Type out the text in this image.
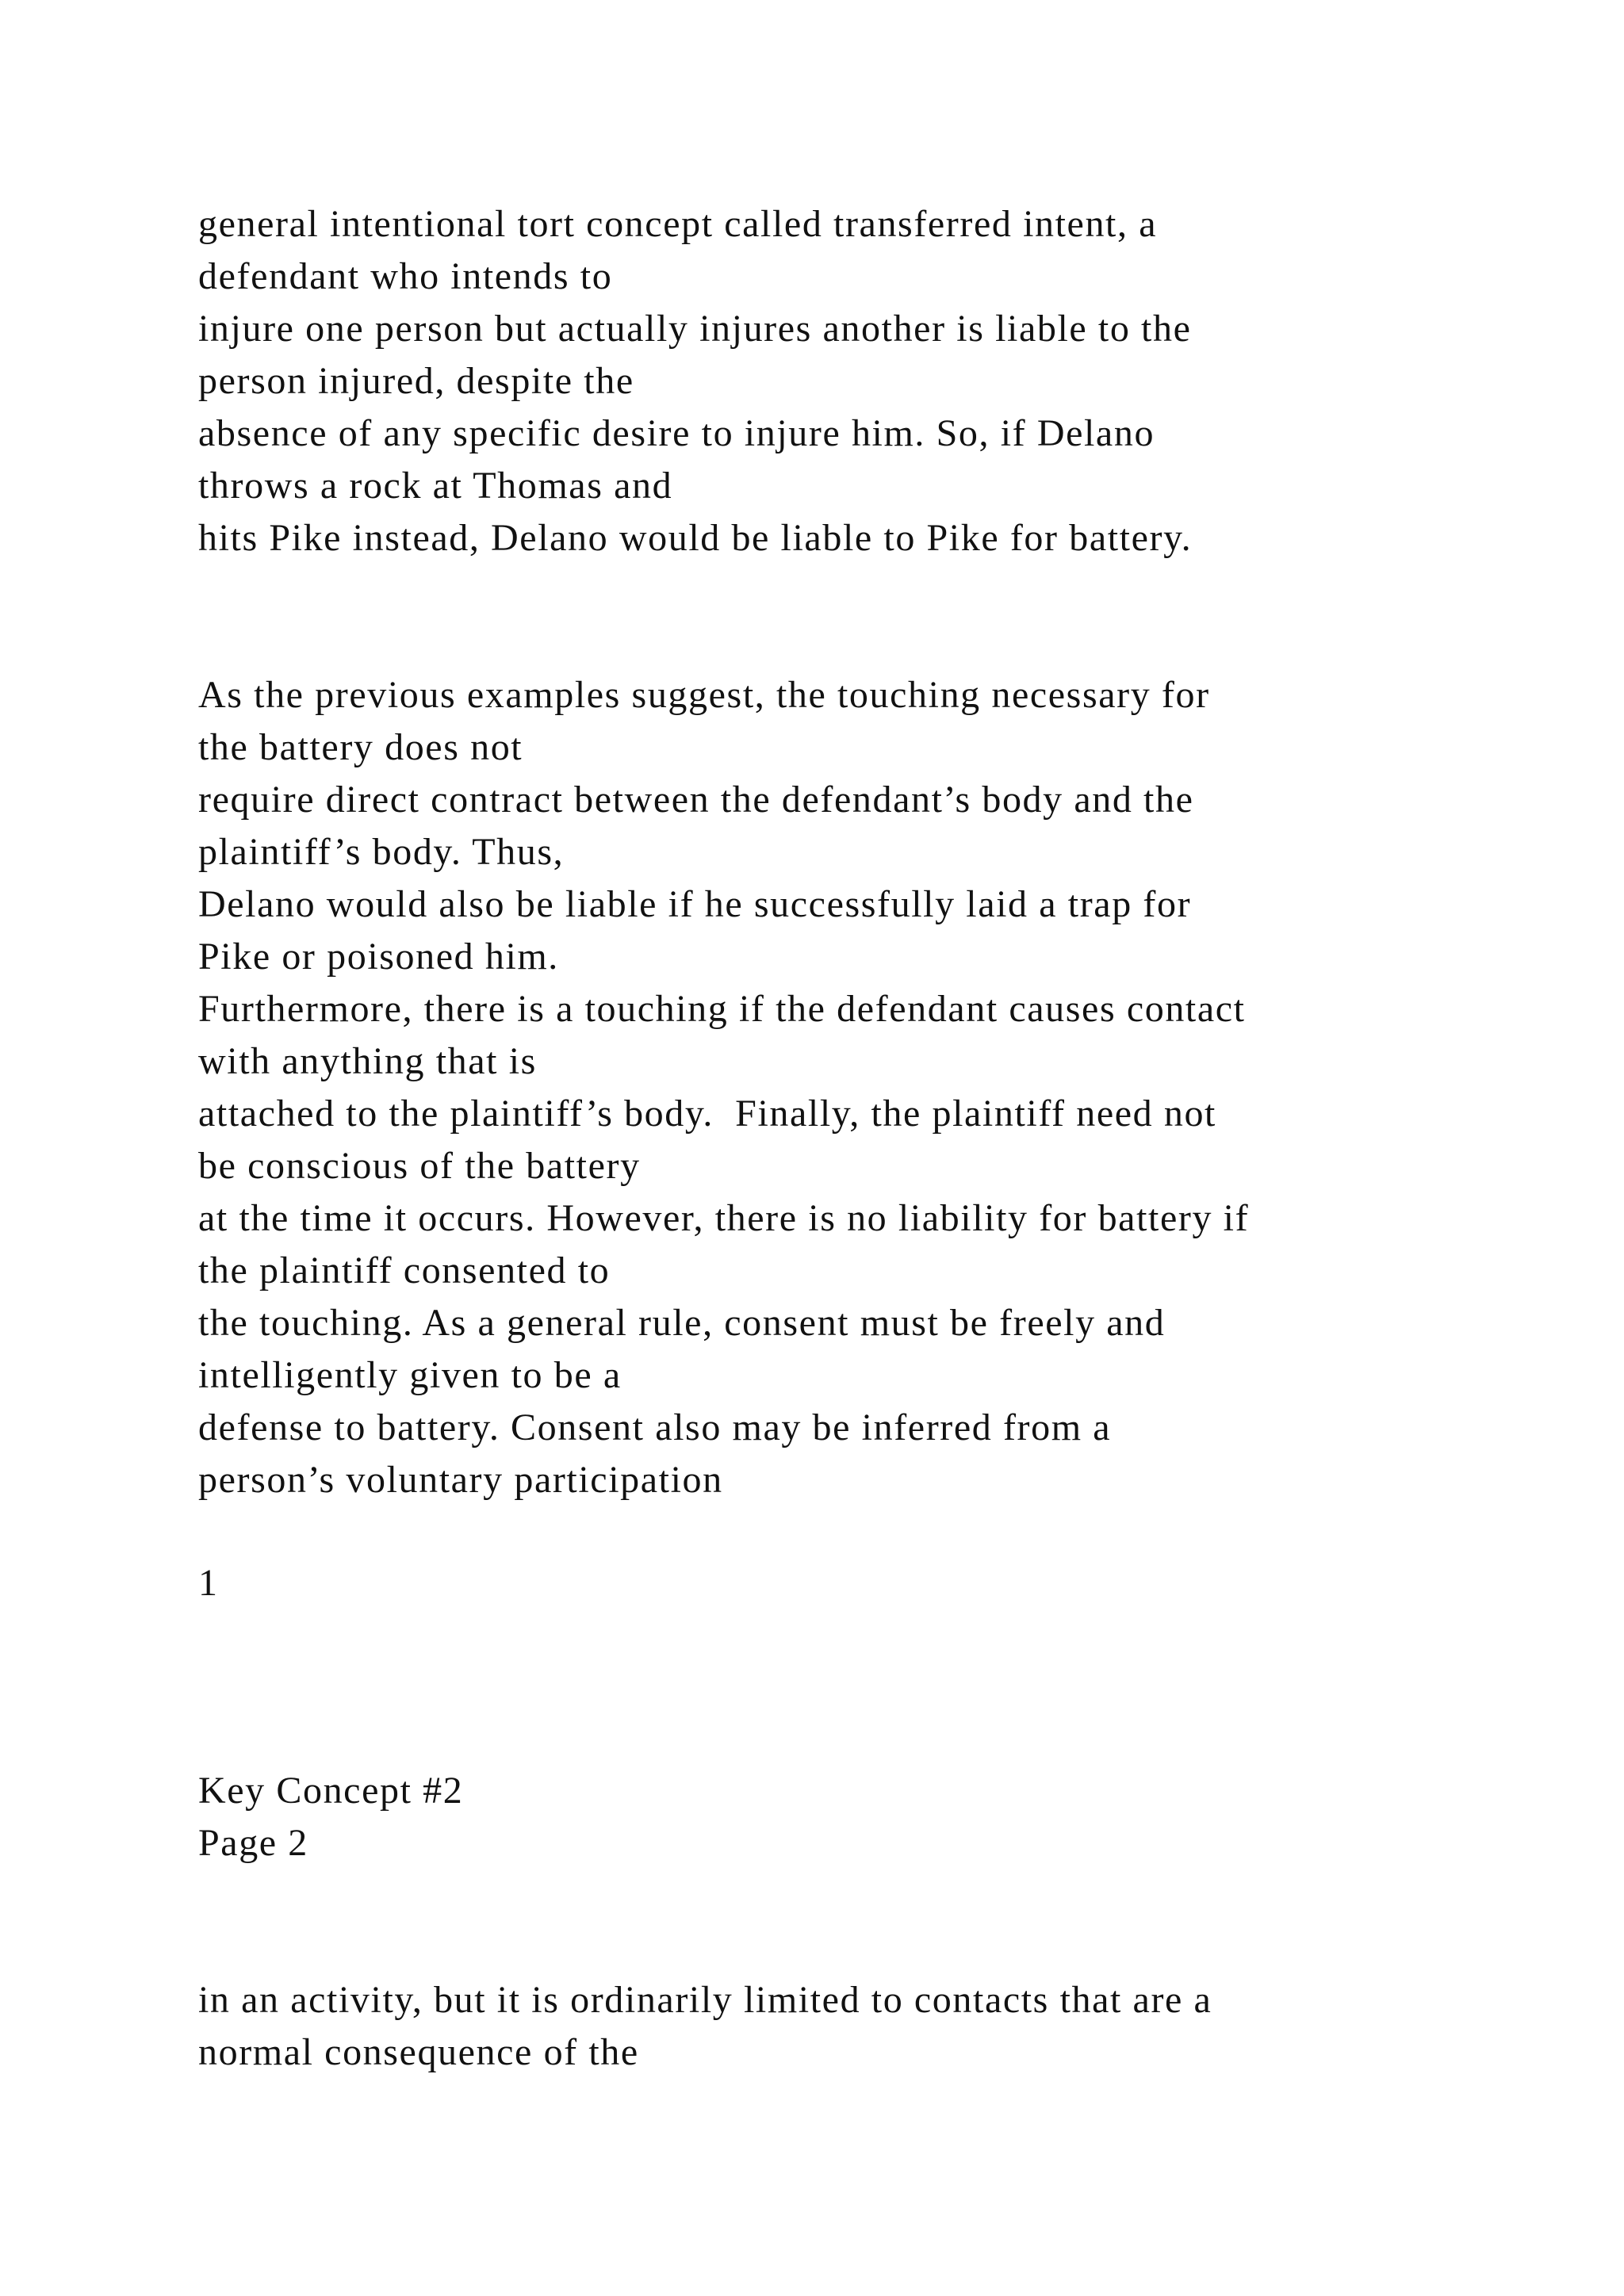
general intentional tort concept called transferred intent, a
defendant who intends to
injure one person but actually injures another is liable to the
person injured, despite the
absence of any specific desire to injure him. So, if Delano
throws a rock at Thomas and
hits Pike instead, Delano would be liable to Pike for battery.
As the previous examples suggest, the touching necessary for
the battery does not
require direct contract between the defendant’s body and the
plaintiff’s body. Thus,
Delano would also be liable if he successfully laid a trap for
Pike or poisoned him.
Furthermore, there is a touching if the defendant causes contact
with anything that is
attached to the plaintiff’s body.  Finally, the plaintiff need not
be conscious of the battery
at the time it occurs. However, there is no liability for battery if
the plaintiff consented to
the touching. As a general rule, consent must be freely and
intelligently given to be a
defense to battery. Consent also may be inferred from a
person’s voluntary participation
1
Key Concept #2
Page 2
in an activity, but it is ordinarily limited to contacts that are a
normal consequence of the
